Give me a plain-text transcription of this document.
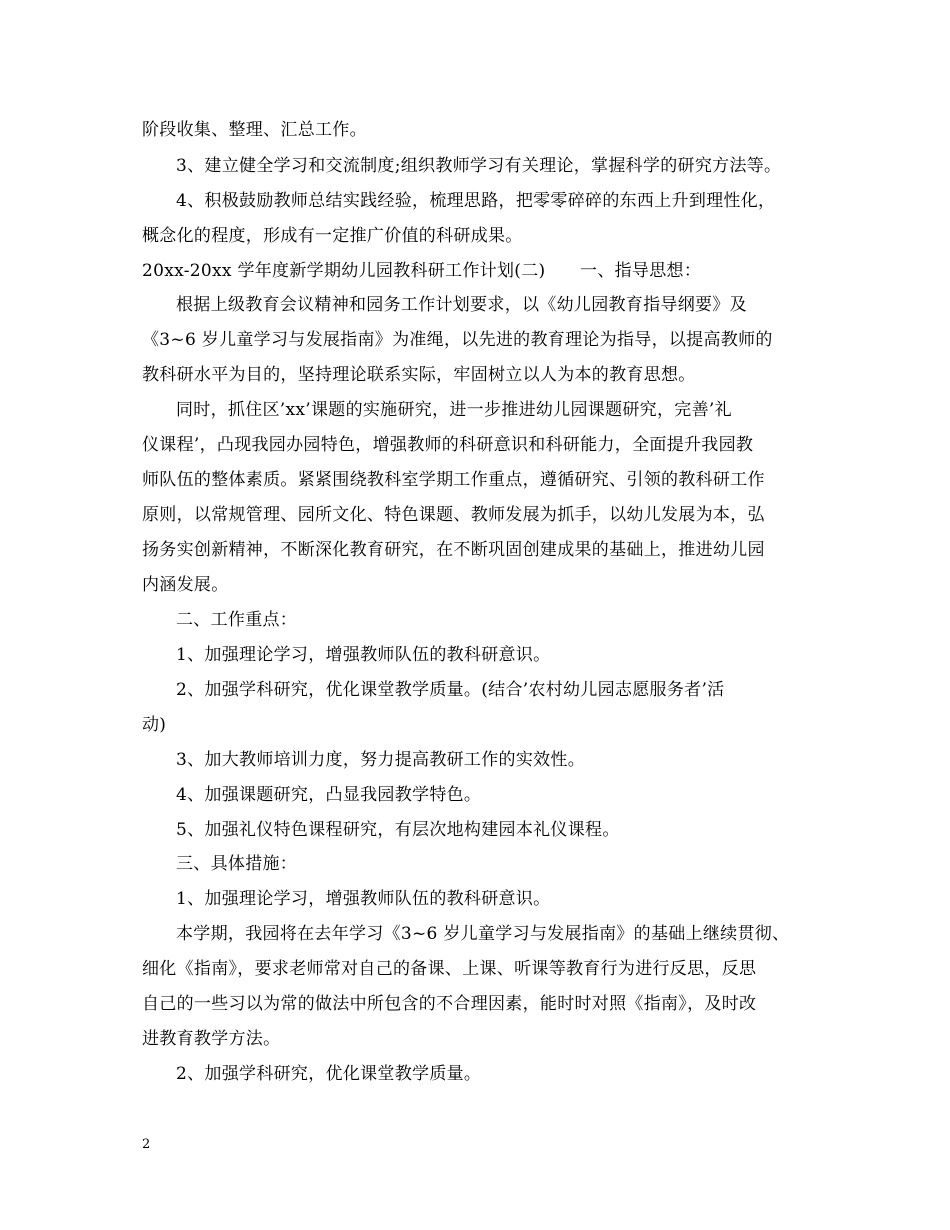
阶段收集、整理、汇总工作。
3、建立健全学习和交流制度;组织教师学习有关理论，掌握科学的研究方法等。
4、积极鼓励教师总结实践经验，梳理思路，把零零碎碎的东西上升到理性化，
概念化的程度，形成有一定推广价值的科研成果。
20xx-20xx 学年度新学期幼儿园教科研工作计划(二)　　一、指导思想：
根据上级教育会议精神和园务工作计划要求，以《幼儿园教育指导纲要》及
《3~6 岁儿童学习与发展指南》为准绳，以先进的教育理论为指导，以提高教师的
教科研水平为目的，坚持理论联系实际，牢固树立以人为本的教育思想。
同时，抓住区’xx’课题的实施研究，进一步推进幼儿园课题研究，完善’礼
仪课程’，凸现我园办园特色，增强教师的科研意识和科研能力，全面提升我园教
师队伍的整体素质。紧紧围绕教科室学期工作重点，遵循研究、引领的教科研工作
原则，以常规管理、园所文化、特色课题、教师发展为抓手，以幼儿发展为本，弘
扬务实创新精神，不断深化教育研究，在不断巩固创建成果的基础上，推进幼儿园
内涵发展。
二、工作重点：
1、加强理论学习，增强教师队伍的教科研意识。
2、加强学科研究，优化课堂教学质量。(结合’农村幼儿园志愿服务者’活
动)
3、加大教师培训力度，努力提高教研工作的实效性。
4、加强课题研究，凸显我园教学特色。
5、加强礼仪特色课程研究，有层次地构建园本礼仪课程。
三、具体措施：
1、加强理论学习，增强教师队伍的教科研意识。
本学期，我园将在去年学习《3~6 岁儿童学习与发展指南》的基础上继续贯彻、
细化《指南》，要求老师常对自己的备课、上课、听课等教育行为进行反思，反思
自己的一些习以为常的做法中所包含的不合理因素，能时时对照《指南》，及时改
进教育教学方法。
2、加强学科研究，优化课堂教学质量。
2
